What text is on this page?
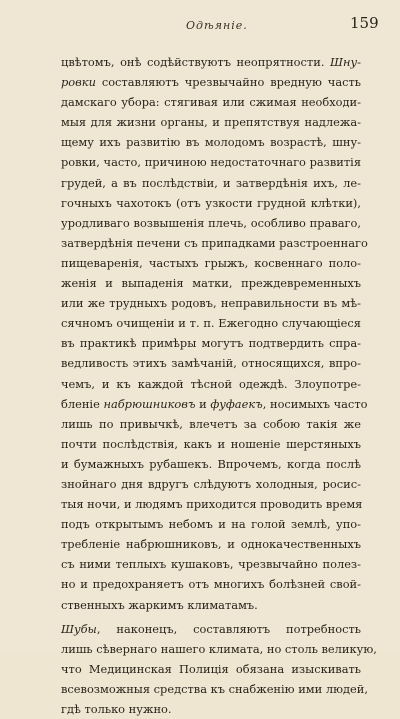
Одѣяніе.	159
цвѣтомъ, онѣ содѣйствуютъ неопрятности. Шну-
ровки составляютъ чрезвычайно вредную часть
дамскаго убора: стягивая или сжимая необходи-
мыя для жизни органы, и препятствуя надлежа-
щему ихъ развитію въ молодомъ возрастѣ, шну-
ровки, часто, причиною недостаточнаго развитія
грудей, а въ послѣдствіи, и затвердѣнія ихъ, ле-
гочныхъ чахотокъ (отъ узкости грудной клѣтки),
уродливаго возвышенія плечь, особливо праваго,
затвердѣнія печени съ припадками разстроеннаго
пищеваренія, частыхъ грыжъ, косвеннаго поло-
женія и выпаденія матки, преждевременныхъ
или же трудныхъ родовъ, неправильности въ мѣ-
сячномъ очищеніи и т. п. Ежегодно случающіеся
въ практикѣ примѣры могутъ подтвердить спра-
ведливость этихъ замѣчаній, относящихся, впро-
чемъ, и къ каждой тѣсной одеждѣ. Злоупотре-
бленіе набрюшниковъ и фуфаекъ, носимыхъ часто
лишь по привычкѣ, влечетъ за собою такія же
почти послѣдствія, какъ и ношеніе шерстяныхъ
и бумажныхъ рубашекъ. Впрочемъ, когда послѣ
знойнаго дня вдругъ слѣдуютъ холодныя, росис-
тыя ночи, и людямъ приходится проводить время
подъ открытымъ небомъ и на голой землѣ, упо-
требленіе набрюшниковъ, и однокачественныхъ
съ ними теплыхъ кушаковъ, чрезвычайно полез-
но и предохраняетъ отъ многихъ болѣзней свой-
ственныхъ жаркимъ климатамъ.
Шубы, наконецъ, составляютъ потребность
лишь сѣвернаго нашего климата, но столь великую,
что Медицинская Полиція обязана изыскивать
всевозможныя средства къ снабженію ими людей,
гдѣ только нужно.
